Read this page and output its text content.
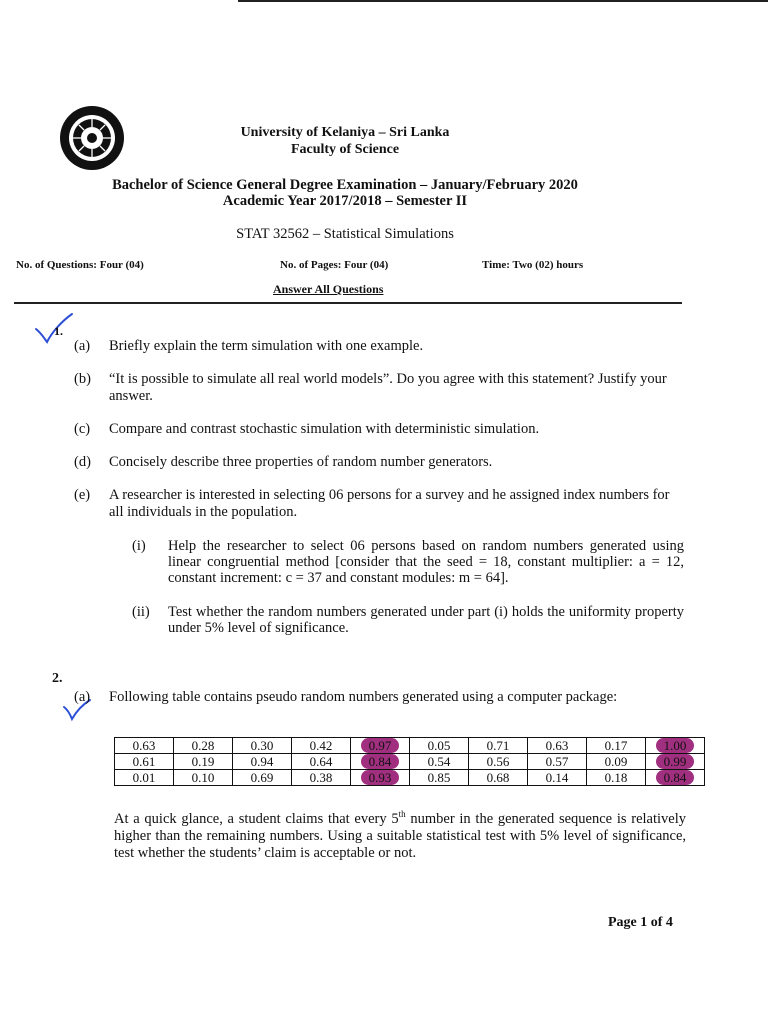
University of Kelaniya – Sri Lanka
Faculty of Science
Bachelor of Science General Degree Examination – January/February 2020
Academic Year 2017/2018 – Semester II
STAT 32562 – Statistical Simulations
No. of Questions: Four (04)	No. of Pages: Four (04)	Time: Two (02) hours
Answer All Questions
1.
(a) Briefly explain the term simulation with one example.
(b) “It is possible to simulate all real world models”. Do you agree with this statement? Justify your answer.
(c) Compare and contrast stochastic simulation with deterministic simulation.
(d) Concisely describe three properties of random number generators.
(e) A researcher is interested in selecting 06 persons for a survey and he assigned index numbers for all individuals in the population.
(i) Help the researcher to select 06 persons based on random numbers generated using linear congruential method [consider that the seed = 18, constant multiplier: a = 12, constant increment: c = 37 and constant modules: m = 64].
(ii) Test whether the random numbers generated under part (i) holds the uniformity property under 5% level of significance.
2.
(a) Following table contains pseudo random numbers generated using a computer package:
0.63	0.28	0.30	0.42	0.97	0.05	0.71	0.63	0.17	1.00
0.61	0.19	0.94	0.64	0.84	0.54	0.56	0.57	0.09	0.99
0.01	0.10	0.69	0.38	0.93	0.85	0.68	0.14	0.18	0.84
At a quick glance, a student claims that every 5th number in the generated sequence is relatively higher than the remaining numbers. Using a suitable statistical test with 5% level of significance, test whether the students’ claim is acceptable or not.
Page 1 of 4
